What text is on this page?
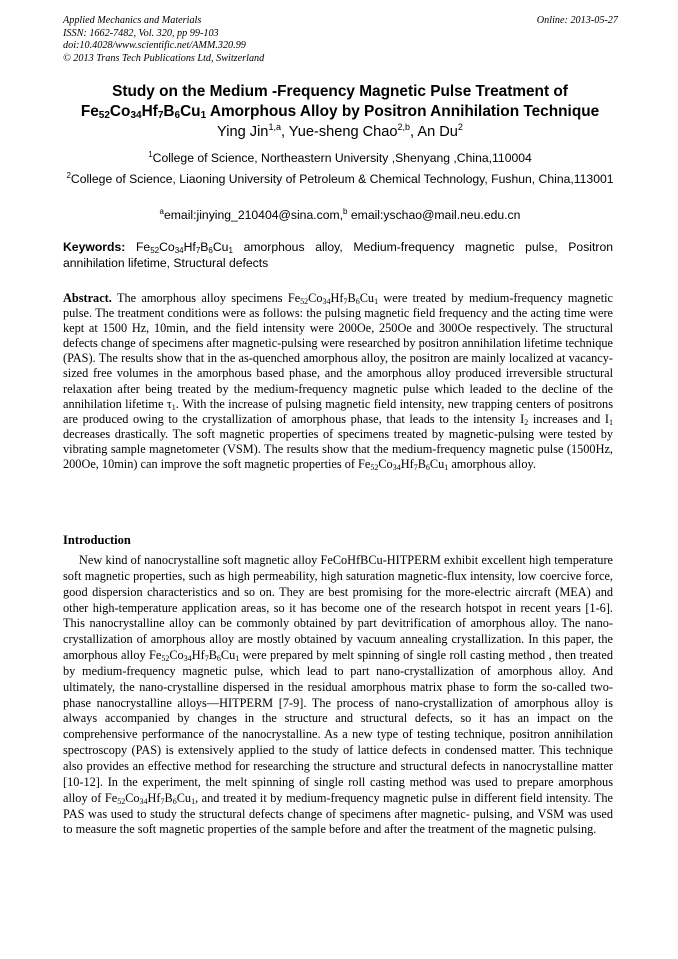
Applied Mechanics and Materials
ISSN: 1662-7482, Vol. 320, pp 99-103
doi:10.4028/www.scientific.net/AMM.320.99
© 2013 Trans Tech Publications Ltd, Switzerland
Online: 2013-05-27
Study on the Medium -Frequency Magnetic Pulse Treatment of
$Fe_{52}Co_{34}Hf_7B_6Cu_1$ Amorphous Alloy by Positron Annihilation Technique
Ying Jin$^{1,a}$, Yue-sheng Chao$^{2,b}$, An Du$^2$
$^1$College of Science, Northeastern University ,Shenyang ,China,110004
$^2$College of Science, Liaoning University of Petroleum & Chemical Technology, Fushun, China,113001
$^a$email:jinying_210404@sina.com,$^b$ email:yschao@mail.neu.edu.cn
Keywords: $Fe_{52}Co_{34}Hf_7B_6Cu_1$ amorphous alloy, Medium-frequency magnetic pulse, Positron annihilation lifetime, Structural defects
Abstract. The amorphous alloy specimens $Fe_{52}Co_{34}Hf_7B_6Cu_1$ were treated by medium-frequency magnetic pulse. The treatment conditions were as follows: the pulsing magnetic field frequency and the acting time were kept at 1500 Hz, 10min, and the field intensity were 200Oe, 250Oe and 300Oe respectively. The structural defects change of specimens after magnetic-pulsing were researched by positron annihilation lifetime technique (PAS). The results show that in the as-quenched amorphous alloy, the positron are mainly localized at vacancy-sized free volumes in the amorphous based phase, and the amorphous alloy produced irreversible structural relaxation after being treated by the medium-frequency magnetic pulse which leaded to the decline of the annihilation lifetime $\tau_1$. With the increase of pulsing magnetic field intensity, new trapping centers of positrons are produced owing to the crystallization of amorphous phase, that leads to the intensity $I_2$ increases and $I_1$ decreases drastically. The soft magnetic properties of specimens treated by magnetic-pulsing were tested by vibrating sample magnetometer (VSM). The results show that the medium-frequency magnetic pulse (1500Hz, 200Oe, 10min) can improve the soft magnetic properties of $Fe_{52}Co_{34}Hf_7B_6Cu_1$ amorphous alloy.
Introduction
New kind of nanocrystalline soft magnetic alloy FeCoHfBCu-HITPERM exhibit excellent high temperature soft magnetic properties, such as high permeability, high saturation magnetic-flux intensity, low coercive force, good dispersion characteristics and so on. They are best promising for the more-electric aircraft (MEA) and other high-temperature application areas, so it has become one of the research hotspot in recent years [1-6]. This nanocrystalline alloy can be commonly obtained by part devitrification of amorphous alloy. The nano-crystallization of amorphous alloy are mostly obtained by vacuum annealing crystallization. In this paper, the amorphous alloy $Fe_{52}Co_{34}Hf_7B_6Cu_1$ were prepared by melt spinning of single roll casting method , then treated by medium-frequency magnetic pulse, which lead to part nano-crystallization of amorphous alloy. And ultimately, the nano-crystalline dispersed in the residual amorphous matrix phase to form the so-called two-phase nanocrystalline alloys—HITPERM [7-9]. The process of nano-crystallization of amorphous alloy is always accompanied by changes in the structure and structural defects, so it has an impact on the comprehensive performance of the nanocrystalline. As a new type of testing technique, positron annihilation spectroscopy (PAS) is extensively applied to the study of lattice defects in condensed matter. This technique also provides an effective method for researching the structure and structural defects in nanocrystalline matter [10-12]. In the experiment, the melt spinning of single roll casting method was used to prepare amorphous alloy of $Fe_{52}Co_{34}Hf_7B_6Cu_1$, and treated it by medium-frequency magnetic pulse in different field intensity. The PAS was used to study the structural defects change of specimens after magnetic- pulsing, and VSM was used to measure the soft magnetic properties of the sample before and after the treatment of the magnetic pulsing.
